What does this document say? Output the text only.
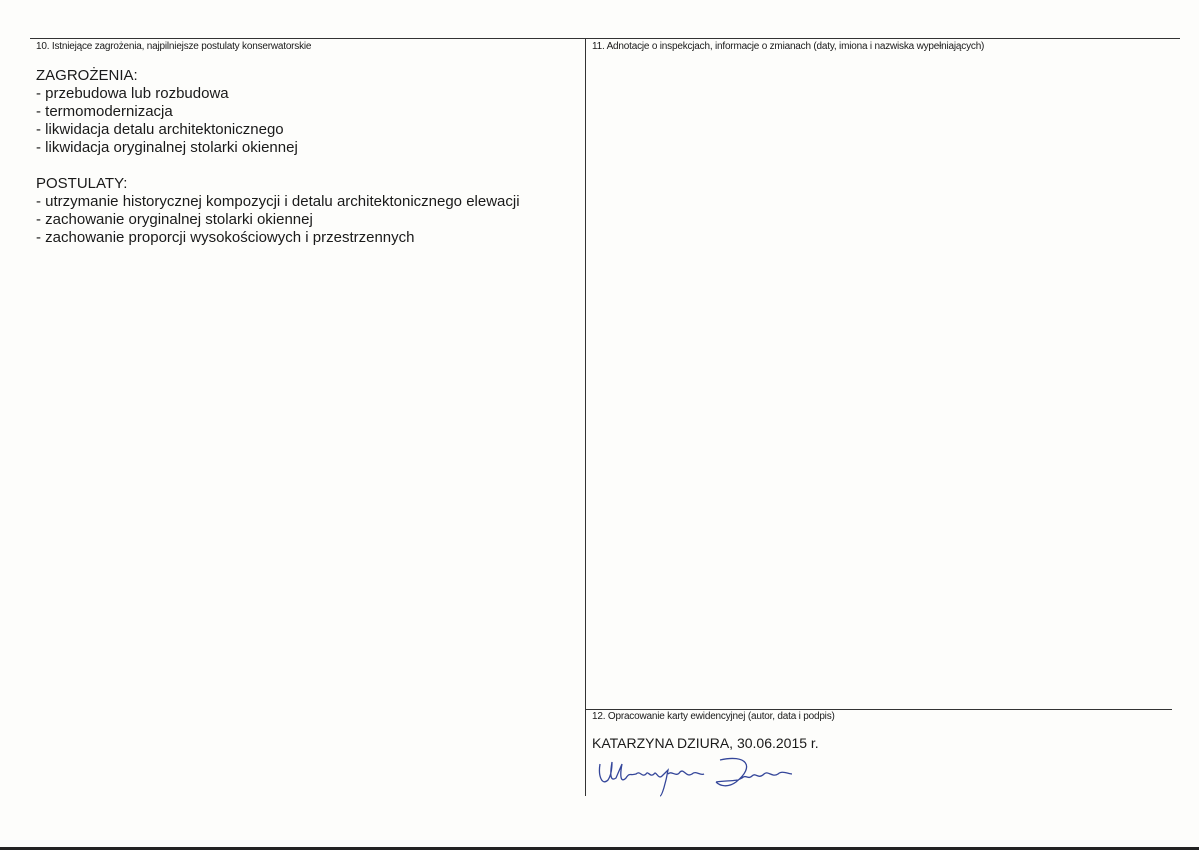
10. Istniejące zagrożenia, najpilniejsze postulaty konserwatorskie	11. Adnotacje o inspekcjach, informacje o zmianach (daty, imiona i nazwiska wypełniających)
ZAGROŻENIA:
- przebudowa lub rozbudowa
- termomodernizacja
- likwidacja detalu architektonicznego
- likwidacja oryginalnej stolarki okiennej
POSTULATY:
- utrzymanie historycznej kompozycji i detalu architektonicznego elewacji
- zachowanie oryginalnej stolarki okiennej
- zachowanie proporcji wysokościowych i przestrzennych
12. Opracowanie karty ewidencyjnej (autor, data i podpis)
KATARZYNA DZIURA, 30.06.2015 r.
